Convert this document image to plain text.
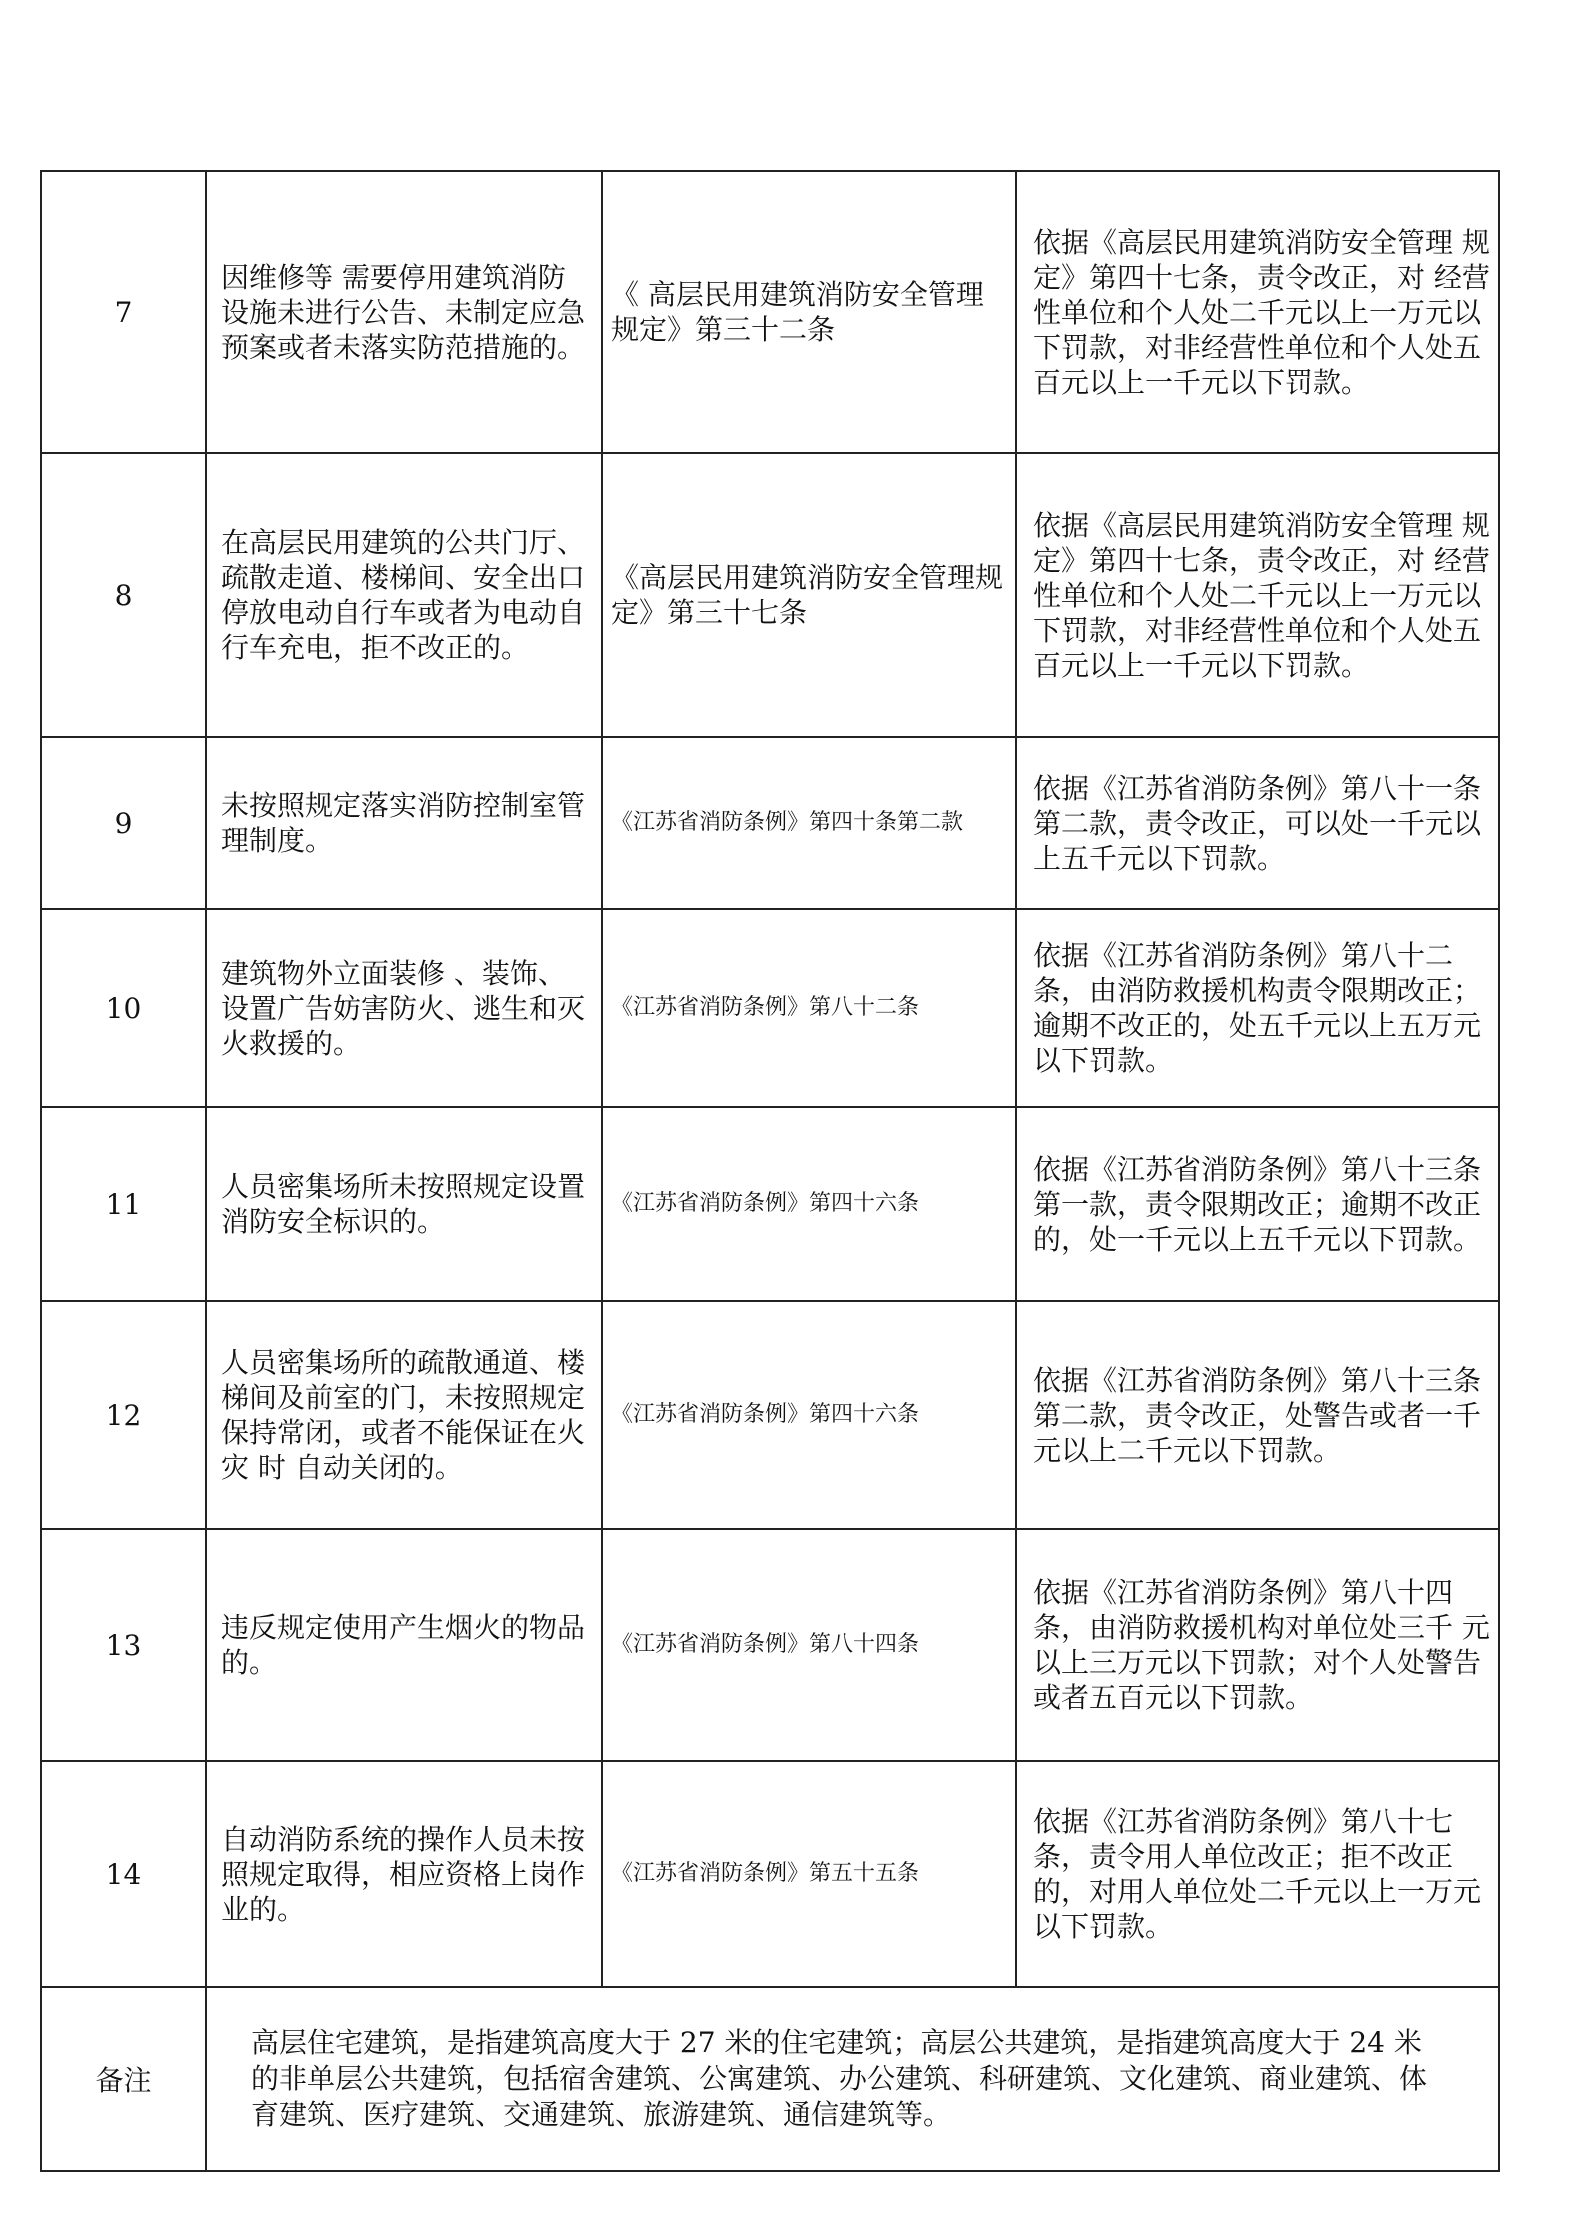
7	因维修等 需要停用建筑消防设施未进行公告、未制定应急预案或者未落实防范措施的。	《 高层民用建筑消防安全管理规定》第三十二条	依据《高层民用建筑消防安全管理 规定》第四十七条，责令改正，对 经营性单位和个人处二千元以上一万元以下罚款，对非经营性单位和个人处五百元以上一千元以下罚款。
8	在高层民用建筑的公共门厅、疏散走道、楼梯间、安全出口停放电动自行车或者为电动自行车充电，拒不改正的。	《高层民用建筑消防安全管理规定》第三十七条	依据《高层民用建筑消防安全管理 规定》第四十七条，责令改正，对 经营性单位和个人处二千元以上一万元以下罚款，对非经营性单位和个人处五百元以上一千元以下罚款。
9	未按照规定落实消防控制室管理制度。	《江苏省消防条例》第四十条第二款	依据《江苏省消防条例》第八十一条第二款，责令改正，可以处一千元以上五千元以下罚款。
10	建筑物外立面装修 、装饰、设置广告妨害防火、逃生和灭火救援的。	《江苏省消防条例》第八十二条	依据《江苏省消防条例》第八十二条，由消防救援机构责令限期改正；逾期不改正的，处五千元以上五万元以下罚款。
11	人员密集场所未按照规定设置消防安全标识的。	《江苏省消防条例》第四十六条	依据《江苏省消防条例》第八十三条第一款，责令限期改正；逾期不改正的，处一千元以上五千元以下罚款。
12	人员密集场所的疏散通道、楼梯间及前室的门，未按照规定保持常闭，或者不能保证在火灾 时 自动关闭的。	《江苏省消防条例》第四十六条	依据《江苏省消防条例》第八十三条第二款，责令改正，处警告或者一千元以上二千元以下罚款。
13	违反规定使用产生烟火的物品的。	《江苏省消防条例》第八十四条	依据《江苏省消防条例》第八十四条，由消防救援机构对单位处三千 元以上三万元以下罚款；对个人处警告或者五百元以下罚款。
14	自动消防系统的操作人员未按照规定取得，相应资格上岗作业的。	《江苏省消防条例》第五十五条	依据《江苏省消防条例》第八十七条，责令用人单位改正；拒不改正的，对用人单位处二千元以上一万元以下罚款。
备注	高层住宅建筑，是指建筑高度大于 27 米的住宅建筑；高层公共建筑，是指建筑高度大于 24 米的非单层公共建筑，包括宿舍建筑、公寓建筑、办公建筑、科研建筑、文化建筑、商业建筑、体育建筑、医疗建筑、交通建筑、旅游建筑、通信建筑等。		
